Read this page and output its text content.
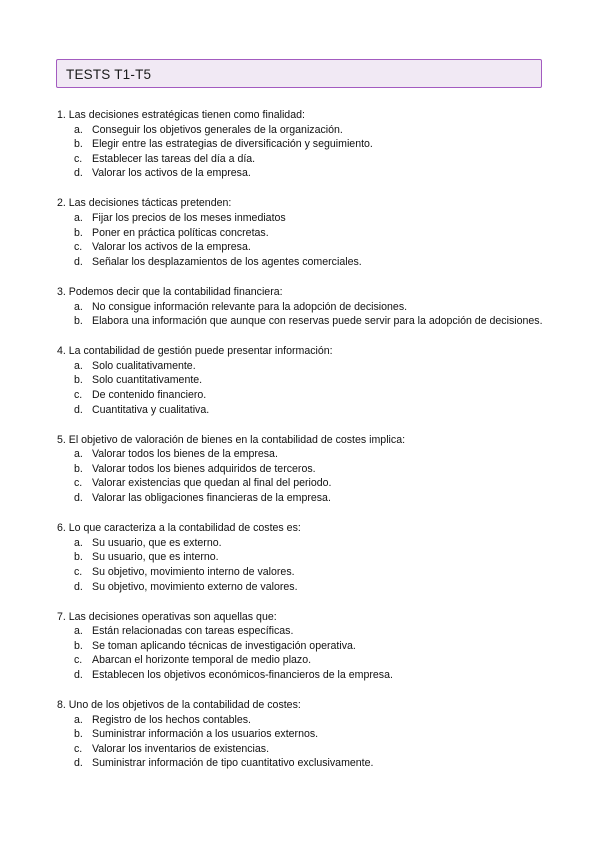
TESTS T1-T5

1. Las decisiones estratégicas tienen como finalidad:

a. Conseguir los objetivos generales de la organización.
b. Elegir entre las estrategias de diversificación y seguimiento.
c. Establecer las tareas del día a día.
d. Valorar los activos de la empresa.

2. Las decisiones tácticas pretenden:

a. Fijar los precios de los meses inmediatos
b. Poner en práctica políticas concretas.
c. Valorar los activos de la empresa.
d. Señalar los desplazamientos de los agentes comerciales.

3. Podemos decir que la contabilidad financiera:

a. No consigue información relevante para la adopción de decisiones.
b. Elabora una información que aunque con reservas puede servir para la adopción de decisiones.

4. La contabilidad de gestión puede presentar información:

a. Solo cualitativamente.
b. Solo cuantitativamente.
c. De contenido financiero.
d. Cuantitativa y cualitativa.

5. El objetivo de valoración de bienes en la contabilidad de costes implica:

a. Valorar todos los bienes de la empresa.
b. Valorar todos los bienes adquiridos de terceros.
c. Valorar existencias que quedan al final del periodo.
d. Valorar las obligaciones financieras de la empresa.

6. Lo que caracteriza a la contabilidad de costes es:

a. Su usuario, que es externo.
b. Su usuario, que es interno.
c. Su objetivo, movimiento interno de valores.
d. Su objetivo, movimiento externo de valores.

7. Las decisiones operativas son aquellas que:

a. Están relacionadas con tareas específicas.
b. Se toman aplicando técnicas de investigación operativa.
c. Abarcan el horizonte temporal de medio plazo.
d. Establecen los objetivos económicos-financieros de la empresa.

8. Uno de los objetivos de la contabilidad de costes:

a. Registro de los hechos contables.
b. Suministrar información a los usuarios externos.
c. Valorar los inventarios de existencias.
d. Suministrar información de tipo cuantitativo exclusivamente.
